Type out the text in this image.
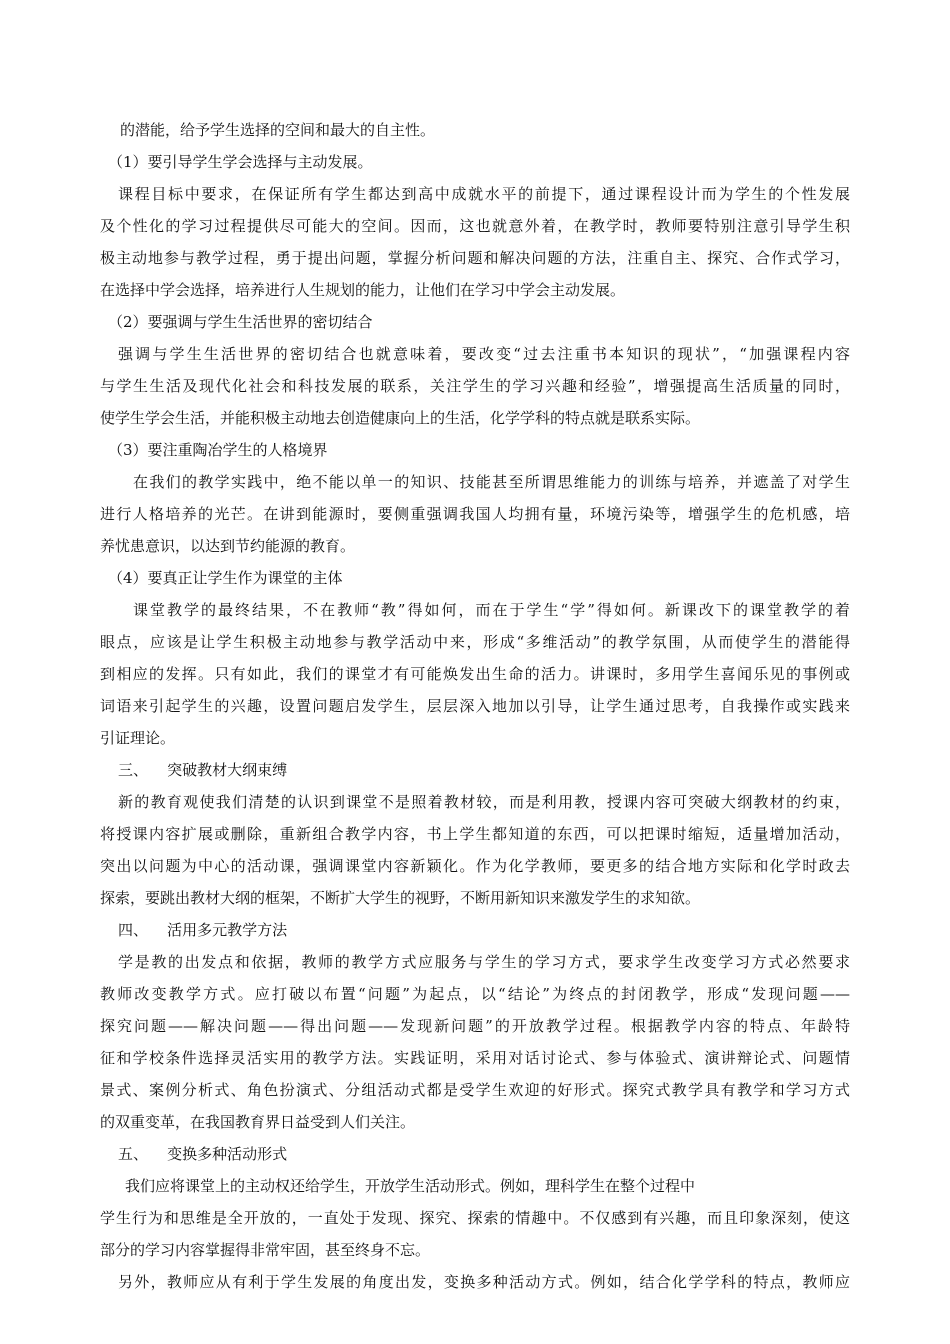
的潜能，给予学生选择的空间和最大的自主性。
（1）要引导学生学会选择与主动发展。
课程目标中要求，在保证所有学生都达到高中成就水平的前提下，通过课程设计而为学生的个性发展
及个性化的学习过程提供尽可能大的空间。因而，这也就意外着，在教学时，教师要特别注意引导学生积
极主动地参与教学过程，勇于提出问题，掌握分析问题和解决问题的方法，注重自主、探究、合作式学习，
在选择中学会选择，培养进行人生规划的能力，让他们在学习中学会主动发展。
（2）要强调与学生生活世界的密切结合
强调与学生生活世界的密切结合也就意味着，要改变“过去注重书本知识的现状”，“加强课程内容
与学生生活及现代化社会和科技发展的联系，关注学生的学习兴趣和经验”，增强提高生活质量的同时，
使学生学会生活，并能积极主动地去创造健康向上的生活，化学学科的特点就是联系实际。
（3）要注重陶冶学生的人格境界
在我们的教学实践中，绝不能以单一的知识、技能甚至所谓思维能力的训练与培养，并遮盖了对学生
进行人格培养的光芒。在讲到能源时，要侧重强调我国人均拥有量，环境污染等，增强学生的危机感，培
养忧患意识，以达到节约能源的教育。
（4）要真正让学生作为课堂的主体
课堂教学的最终结果，不在教师“教”得如何，而在于学生“学”得如何。新课改下的课堂教学的着
眼点，应该是让学生积极主动地参与教学活动中来，形成“多维活动”的教学氛围，从而使学生的潜能得
到相应的发挥。只有如此，我们的课堂才有可能焕发出生命的活力。讲课时，多用学生喜闻乐见的事例或
词语来引起学生的兴趣，设置问题启发学生，层层深入地加以引导，让学生通过思考，自我操作或实践来
引证理论。
三、    突破教材大纲束缚
新的教育观使我们清楚的认识到课堂不是照着教材较，而是利用教，授课内容可突破大纲教材的约束，
将授课内容扩展或删除，重新组合教学内容，书上学生都知道的东西，可以把课时缩短，适量增加活动，
突出以问题为中心的活动课，强调课堂内容新颖化。作为化学教师，要更多的结合地方实际和化学时政去
探索，要跳出教材大纲的框架，不断扩大学生的视野，不断用新知识来激发学生的求知欲。
四、    活用多元教学方法
学是教的出发点和依据，教师的教学方式应服务与学生的学习方式，要求学生改变学习方式必然要求
教师改变教学方式。应打破以布置“问题”为起点，以“结论”为终点的封闭教学，形成“发现问题——
探究问题——解决问题——得出问题——发现新问题”的开放教学过程。根据教学内容的特点、年龄特
征和学校条件选择灵活实用的教学方法。实践证明，采用对话讨论式、参与体验式、演讲辩论式、问题情
景式、案例分析式、角色扮演式、分组活动式都是受学生欢迎的好形式。探究式教学具有教学和学习方式
的双重变革，在我国教育界日益受到人们关注。
五、    变换多种活动形式
我们应将课堂上的主动权还给学生，开放学生活动形式。例如，理科学生在整个过程中
学生行为和思维是全开放的，一直处于发现、探究、探索的情趣中。不仅感到有兴趣，而且印象深刻，使这
部分的学习内容掌握得非常牢固，甚至终身不忘。
另外，教师应从有利于学生发展的角度出发，变换多种活动方式。例如，结合化学学科的特点，教师应
